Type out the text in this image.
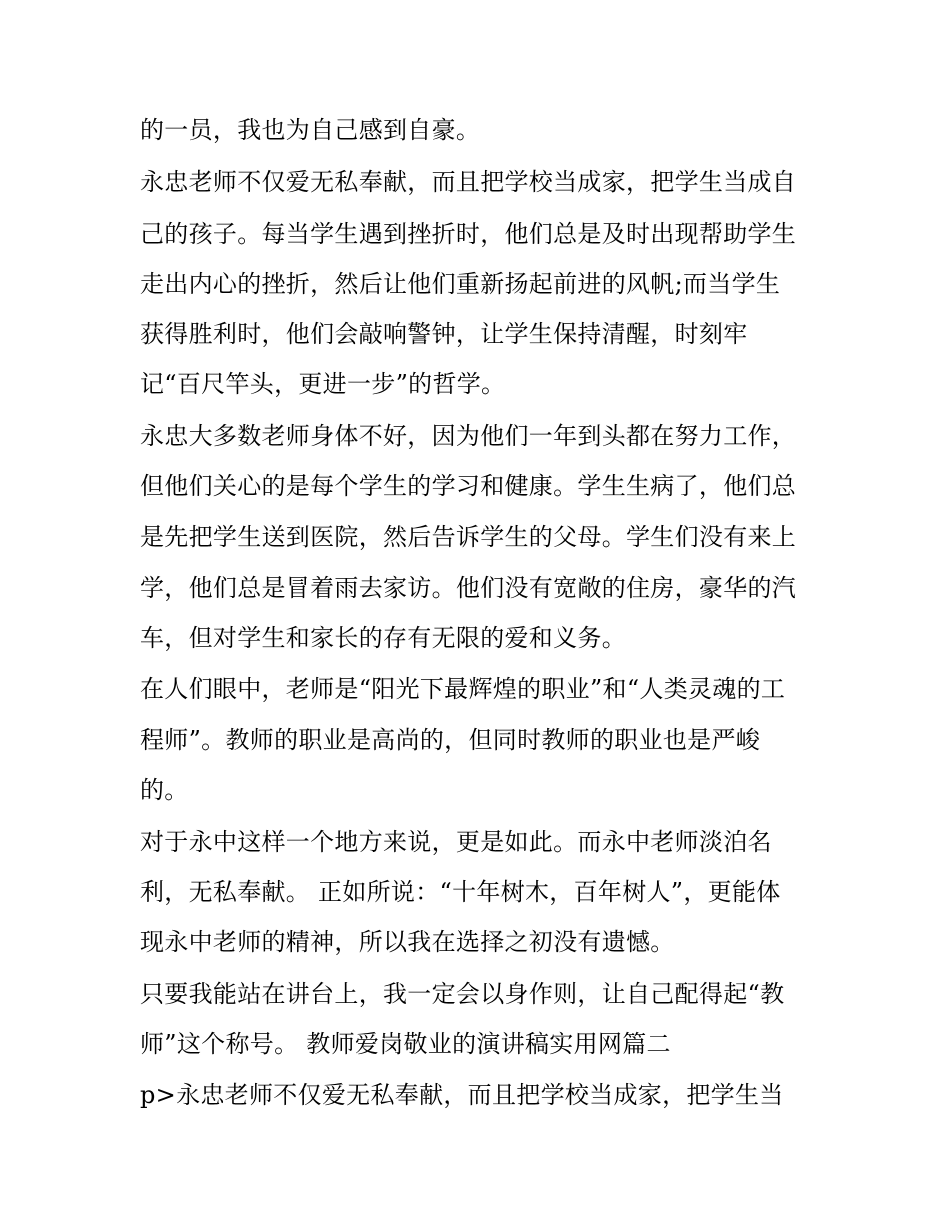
的一员，我也为自己感到自豪。
永忠老师不仅爱无私奉献，而且把学校当成家，把学生当成自
己的孩子。每当学生遇到挫折时，他们总是及时出现帮助学生
走出内心的挫折，然后让他们重新扬起前进的风帆;而当学生
获得胜利时，他们会敲响警钟，让学生保持清醒，时刻牢
记“百尺竿头，更进一步”的哲学。
永忠大多数老师身体不好，因为他们一年到头都在努力工作，
但他们关心的是每个学生的学习和健康。学生生病了，他们总
是先把学生送到医院，然后告诉学生的父母。学生们没有来上
学，他们总是冒着雨去家访。他们没有宽敞的住房，豪华的汽
车，但对学生和家长的存有无限的爱和义务。
在人们眼中，老师是“阳光下最辉煌的职业”和“人类灵魂的工
程师”。教师的职业是高尚的，但同时教师的职业也是严峻
的。
对于永中这样一个地方来说，更是如此。而永中老师淡泊名
利，无私奉献。 正如所说：“十年树木，百年树人”，更能体
现永中老师的精神，所以我在选择之初没有遗憾。
只要我能站在讲台上，我一定会以身作则，让自己配得起“教
师”这个称号。 教师爱岗敬业的演讲稿实用网篇二
p>永忠老师不仅爱无私奉献，而且把学校当成家，把学生当
